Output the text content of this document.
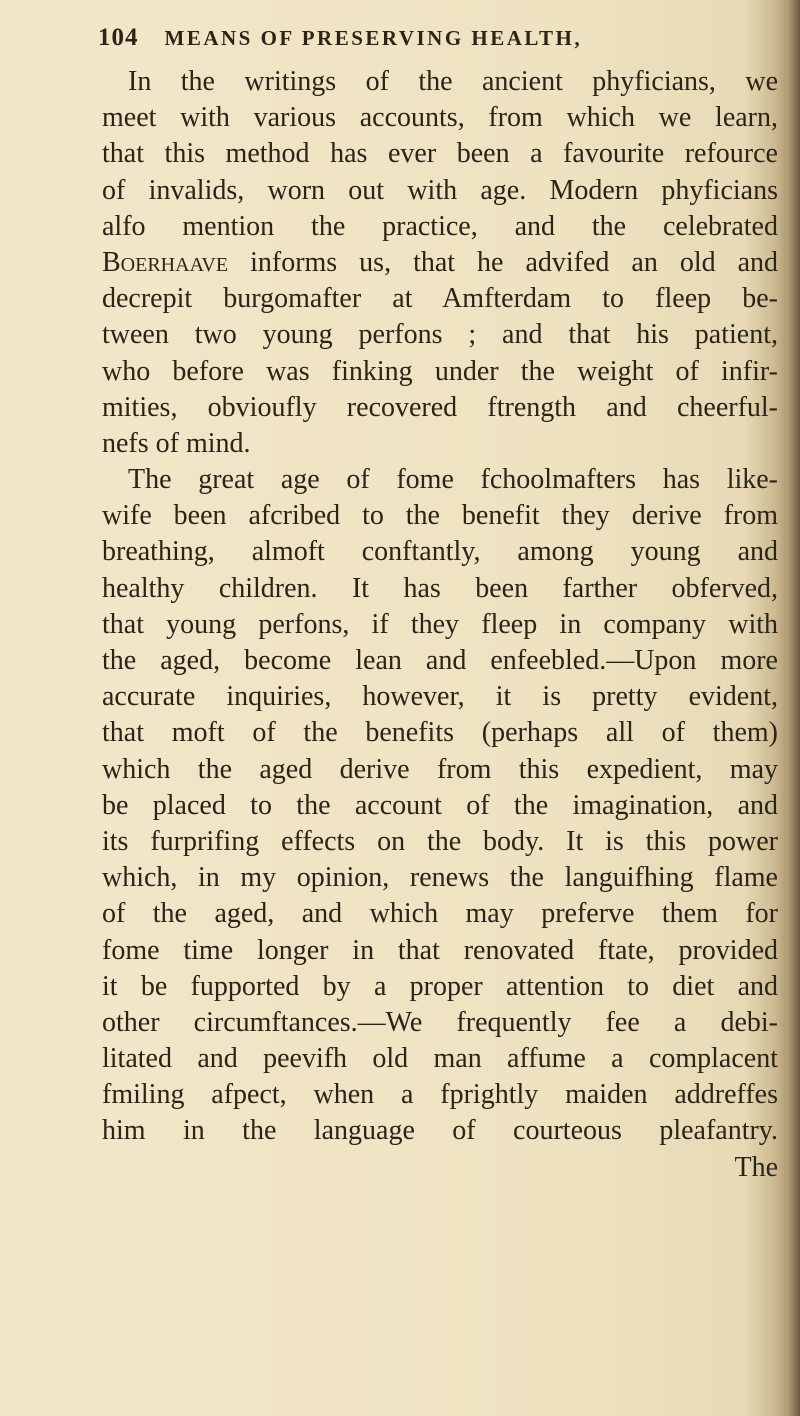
104 MEANS OF PRESERVING HEALTH,
In the writings of the ancient phyficians, we
meet with various accounts, from which we learn,
that this method has ever been a favourite refource
of invalids, worn out with age. Modern phyficians
alfo mention the practice, and the celebrated
Boerhaave informs us, that he advifed an old and
decrepit burgomafter at Amfterdam to fleep be-
tween two young perfons ; and that his patient,
who before was finking under the weight of infir-
mities, obvioufly recovered ftrength and cheerful-
nefs of mind.
The great age of fome fchoolmafters has like-
wife been afcribed to the benefit they derive from
breathing, almoft conftantly, among young and
healthy children. It has been farther obferved,
that young perfons, if they fleep in company with
the aged, become lean and enfeebled.—Upon more
accurate inquiries, however, it is pretty evident,
that moft of the benefits (perhaps all of them)
which the aged derive from this expedient, may
be placed to the account of the imagination, and
its furprifing effects on the body. It is this power
which, in my opinion, renews the languifhing flame
of the aged, and which may preferve them for
fome time longer in that renovated ftate, provided
it be fupported by a proper attention to diet and
other circumftances.—We frequently fee a debi-
litated and peevifh old man affume a complacent
fmiling afpect, when a fprightly maiden addreffes
him in the language of courteous pleafantry.
The
